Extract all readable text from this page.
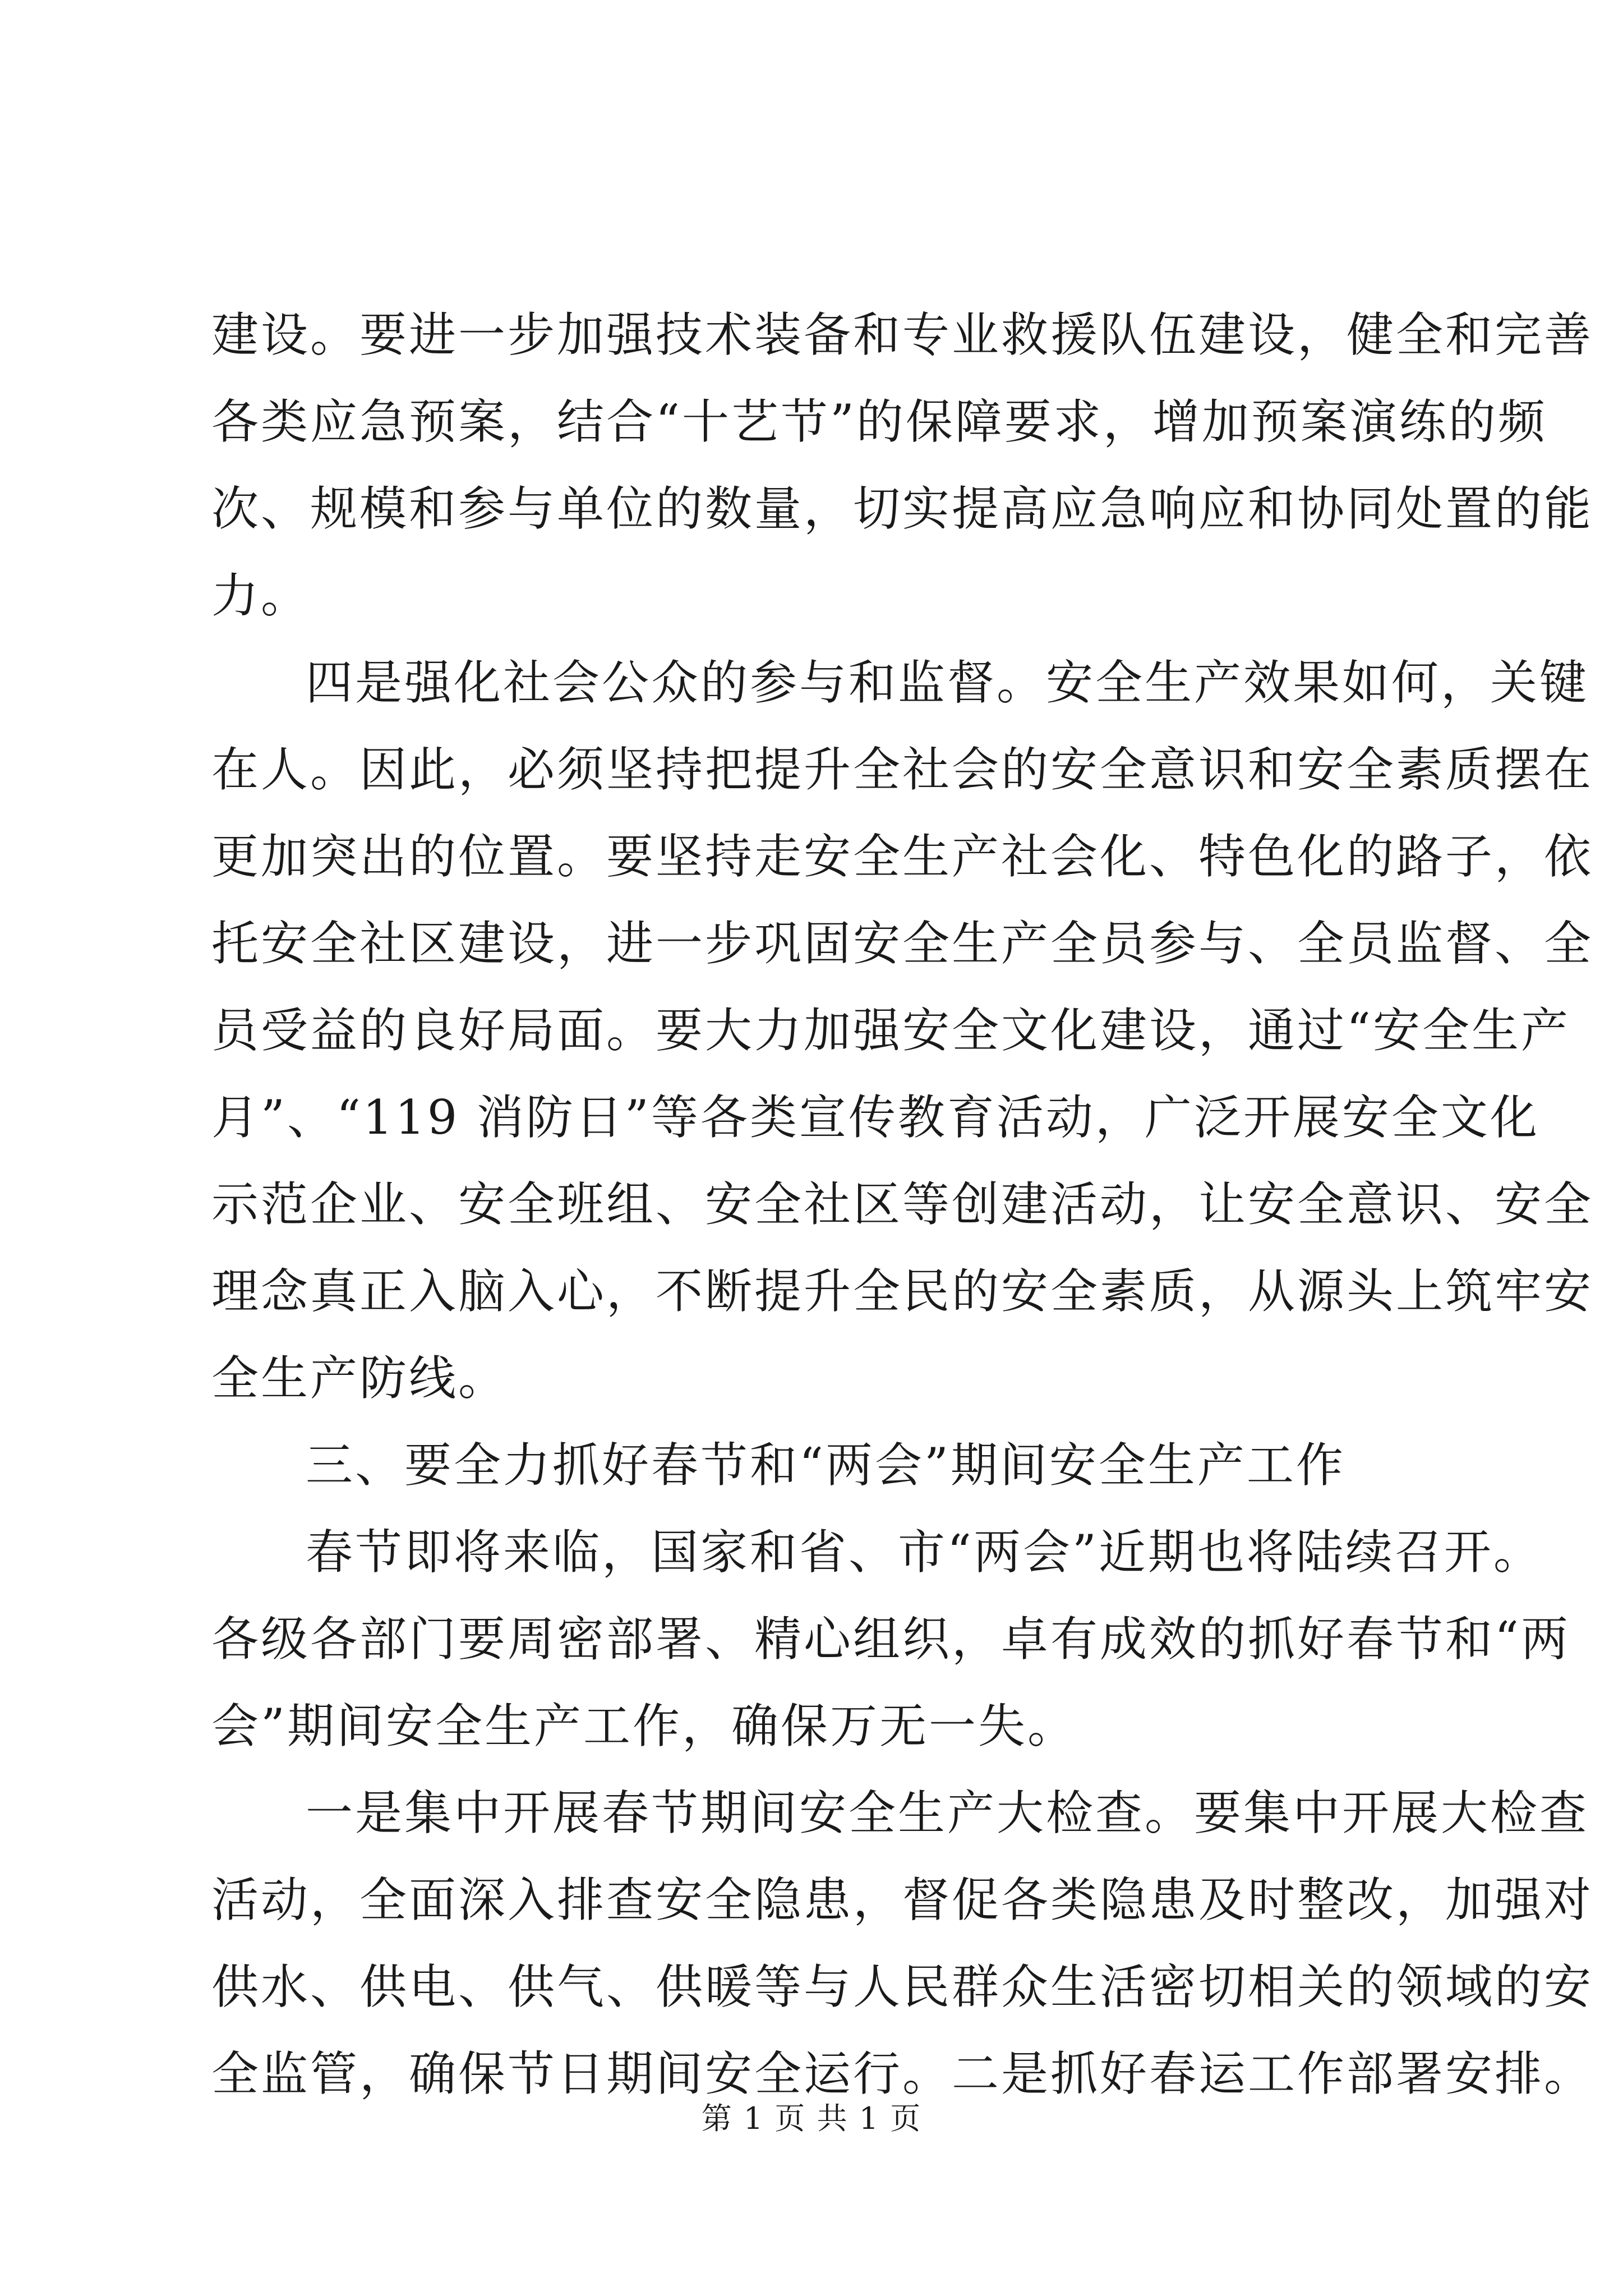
建设。要进一步加强技术装备和专业救援队伍建设，健全和完善
各类应急预案，结合“十艺节”的保障要求，增加预案演练的频
次、规模和参与单位的数量，切实提高应急响应和协同处置的能
力。
四是强化社会公众的参与和监督。安全生产效果如何，关键
在人。因此，必须坚持把提升全社会的安全意识和安全素质摆在
更加突出的位置。要坚持走安全生产社会化、特色化的路子，依
托安全社区建设，进一步巩固安全生产全员参与、全员监督、全
员受益的良好局面。要大力加强安全文化建设，通过“安全生产
月”、“119 消防日”等各类宣传教育活动，广泛开展安全文化
示范企业、安全班组、安全社区等创建活动，让安全意识、安全
理念真正入脑入心，不断提升全民的安全素质，从源头上筑牢安
全生产防线。
三、要全力抓好春节和“两会”期间安全生产工作
春节即将来临，国家和省、市“两会”近期也将陆续召开。
各级各部门要周密部署、精心组织，卓有成效的抓好春节和“两
会”期间安全生产工作，确保万无一失。
一是集中开展春节期间安全生产大检查。要集中开展大检查
活动，全面深入排查安全隐患，督促各类隐患及时整改，加强对
供水、供电、供气、供暖等与人民群众生活密切相关的领域的安
全监管，确保节日期间安全运行。二是抓好春运工作部署安排。
第 1 页 共 1 页
